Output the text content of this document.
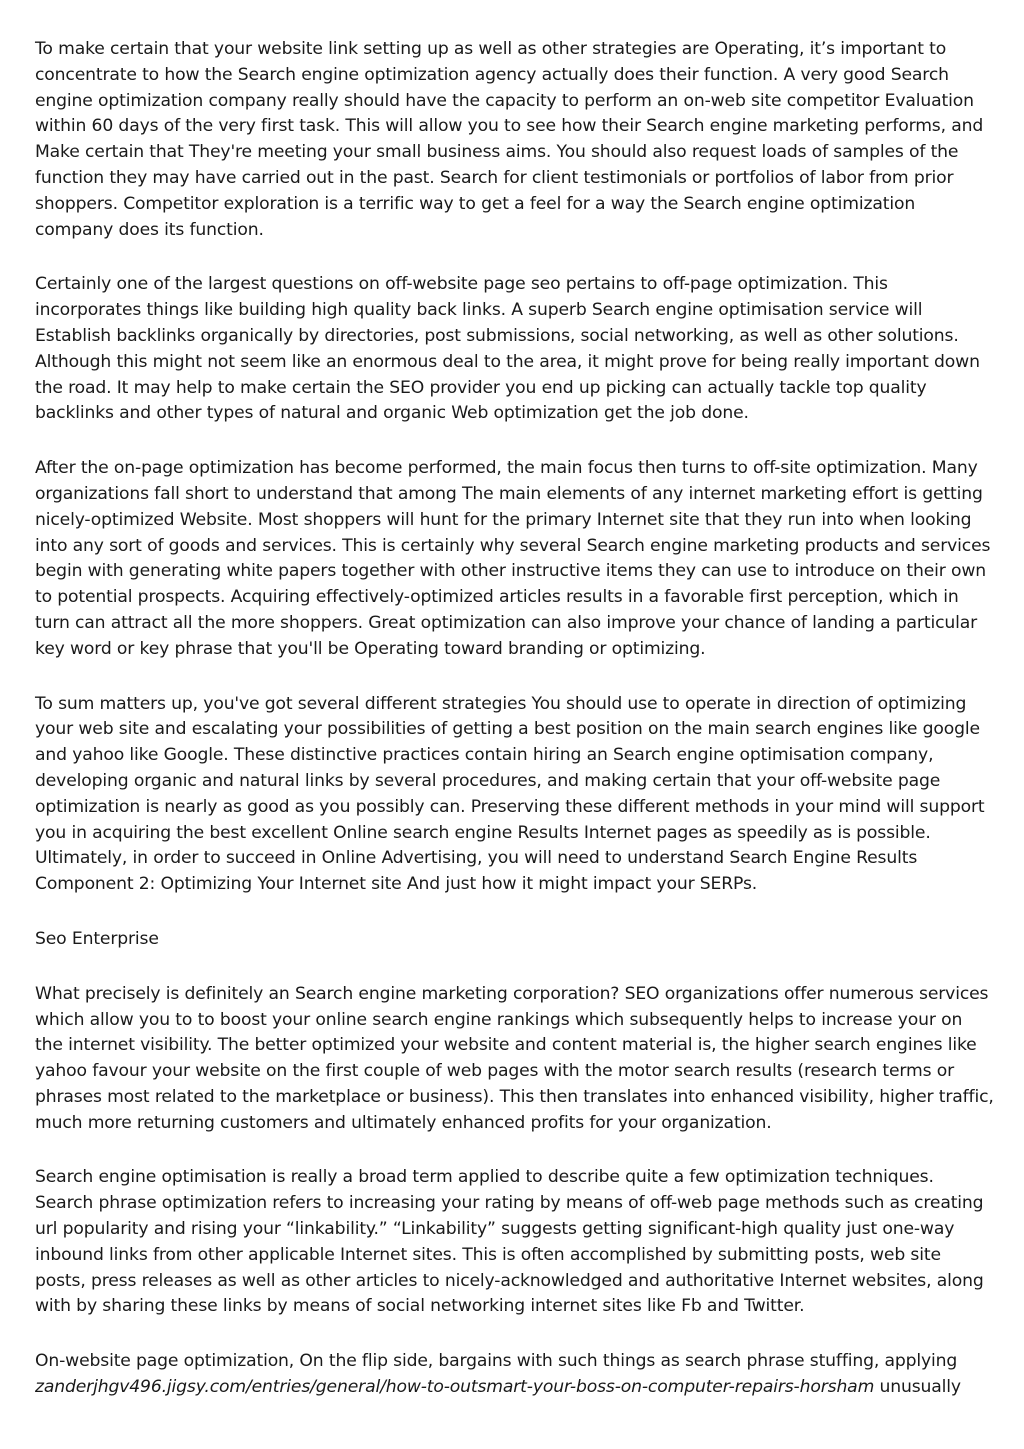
To make certain that your website link setting up as well as other strategies are Operating, it’s important to concentrate to how the Search engine optimization agency actually does their function. A very good Search engine optimization company really should have the capacity to perform an on-web site competitor Evaluation within 60 days of the very first task. This will allow you to see how their Search engine marketing performs, and Make certain that They're meeting your small business aims. You should also request loads of samples of the function they may have carried out in the past. Search for client testimonials or portfolios of labor from prior shoppers. Competitor exploration is a terrific way to get a feel for a way the Search engine optimization company does its function.

Certainly one of the largest questions on off-website page seo pertains to off-page optimization. This incorporates things like building high quality back links. A superb Search engine optimisation service will Establish backlinks organically by directories, post submissions, social networking, as well as other solutions. Although this might not seem like an enormous deal to the area, it might prove for being really important down the road. It may help to make certain the SEO provider you end up picking can actually tackle top quality backlinks and other types of natural and organic Web optimization get the job done.

After the on-page optimization has become performed, the main focus then turns to off-site optimization. Many organizations fall short to understand that among The main elements of any internet marketing effort is getting nicely-optimized Website. Most shoppers will hunt for the primary Internet site that they run into when looking into any sort of goods and services. This is certainly why several Search engine marketing products and services begin with generating white papers together with other instructive items they can use to introduce on their own to potential prospects. Acquiring effectively-optimized articles results in a favorable first perception, which in turn can attract all the more shoppers. Great optimization can also improve your chance of landing a particular key word or key phrase that you'll be Operating toward branding or optimizing.

To sum matters up, you've got several different strategies You should use to operate in direction of optimizing your web site and escalating your possibilities of getting a best position on the main search engines like google and yahoo like Google. These distinctive practices contain hiring an Search engine optimisation company, developing organic and natural links by several procedures, and making certain that your off-website page optimization is nearly as good as you possibly can. Preserving these different methods in your mind will support you in acquiring the best excellent Online search engine Results Internet pages as speedily as is possible. Ultimately, in order to succeed in Online Advertising, you will need to understand Search Engine Results Component 2: Optimizing Your Internet site And just how it might impact your SERPs.

Seo Enterprise

What precisely is definitely an Search engine marketing corporation? SEO organizations offer numerous services which allow you to to boost your online search engine rankings which subsequently helps to increase your on the internet visibility. The better optimized your website and content material is, the higher search engines like yahoo favour your website on the first couple of web pages with the motor search results (research terms or phrases most related to the marketplace or business). This then translates into enhanced visibility, higher traffic, much more returning customers and ultimately enhanced profits for your organization.

Search engine optimisation is really a broad term applied to describe quite a few optimization techniques. Search phrase optimization refers to increasing your rating by means of off-web page methods such as creating url popularity and rising your “linkability.” “Linkability” suggests getting significant-high quality just one-way inbound links from other applicable Internet sites. This is often accomplished by submitting posts, web site posts, press releases as well as other articles to nicely-acknowledged and authoritative Internet websites, along with by sharing these links by means of social networking internet sites like Fb and Twitter.

On-website page optimization, On the flip side, bargains with such things as search phrase stuffing, applying zanderjhgv496.jigsy.com/entries/general/how-to-outsmart-your-boss-on-computer-repairs-horsham unusually
